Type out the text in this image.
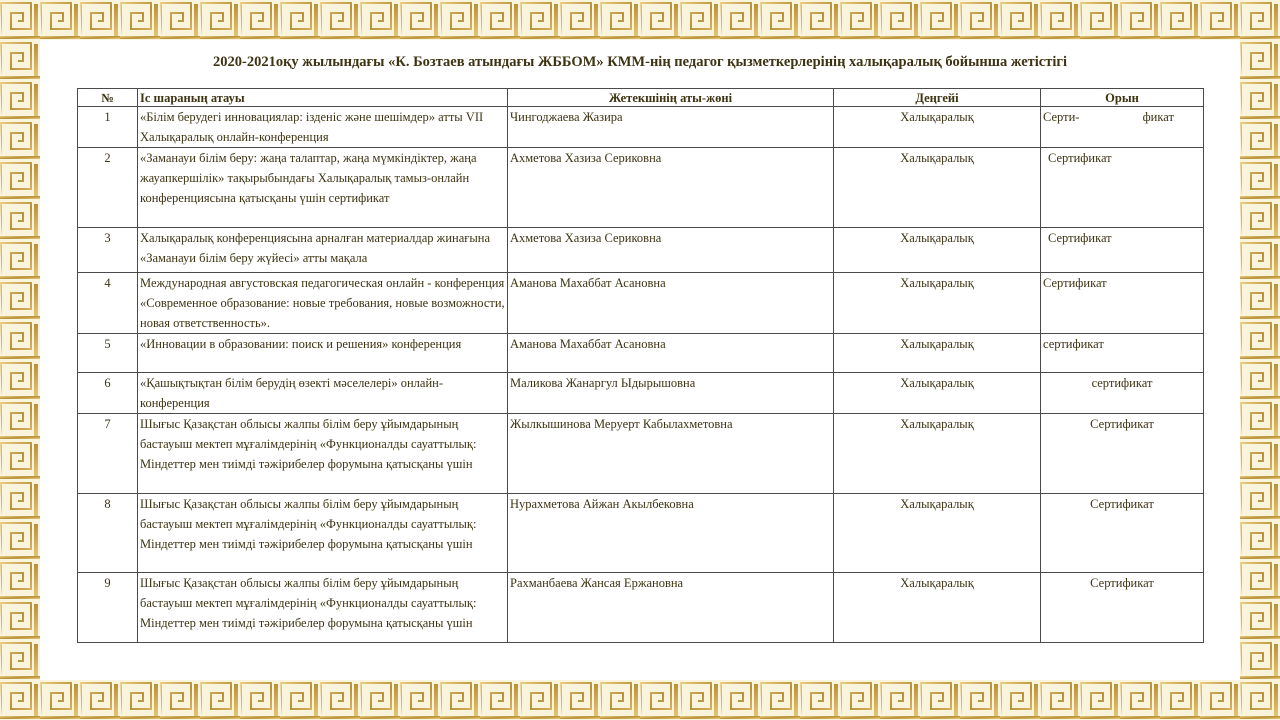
2020-2021оқу жылындағы «К. Бозтаев атындағы ЖББОМ» КММ-нің педагог қызметкерлерінің халықаралық бойынша жетістігі
№	Іс шараның атауы	Жетекшінің аты-жөні	Деңгейі	Орын
1	«Білім берудегі инновациялар: ізденіс және шешімдер» атты VII Халықаралық онлайн-конференция	Чингоджаева Жазира	Халықаралық	Серти- фикат
2	«Заманауи білім беру: жаңа талаптар, жаңа мүмкіндіктер, жаңа жауапкершілік» тақырыбындағы Халықаралық тамыз-онлайн конференциясына қатысқаны үшін сертификат	Ахметова Хазиза Сериковна	Халықаралық	Сертификат
3	Халықаралық конференциясына арналған материалдар жинағына «Заманауи білім беру жүйесі» атты мақала	Ахметова Хазиза Сериковна	Халықаралық	Сертификат
4	Международная августовская педагогическая онлайн - конференция «Современное образование: новые требования, новые возможности, новая ответственность».	Аманова Махаббат Асановна	Халықаралық	Сертификат
5	«Инновации в образовании: поиск и решения» конференция	Аманова Махаббат Асановна	Халықаралық	сертификат
6	«Қашықтықтан білім берудің өзекті мәселелері» онлайн-конференция	Маликова Жанаргул Ыдырышовна	Халықаралық	сертификат
7	Шығыс Қазақстан облысы жалпы білім беру ұйымдарының бастауыш мектеп мұғалімдерінің «Функционалды сауаттылық: Міндеттер мен тиімді тәжірибелер форумына қатысқаны үшін	Жылкышинова Меруерт Кабылахметовна	Халықаралық	Сертификат
8	Шығыс Қазақстан облысы жалпы білім беру ұйымдарының бастауыш мектеп мұғалімдерінің «Функционалды сауаттылық: Міндеттер мен тиімді тәжірибелер форумына қатысқаны үшін	Нурахметова Айжан Акылбековна	Халықаралық	Сертификат
9	Шығыс Қазақстан облысы жалпы білім беру ұйымдарының бастауыш мектеп мұғалімдерінің «Функционалды сауаттылық: Міндеттер мен тиімді тәжірибелер форумына қатысқаны үшін	Рахманбаева Жансая Ержановна	Халықаралық	Сертификат
